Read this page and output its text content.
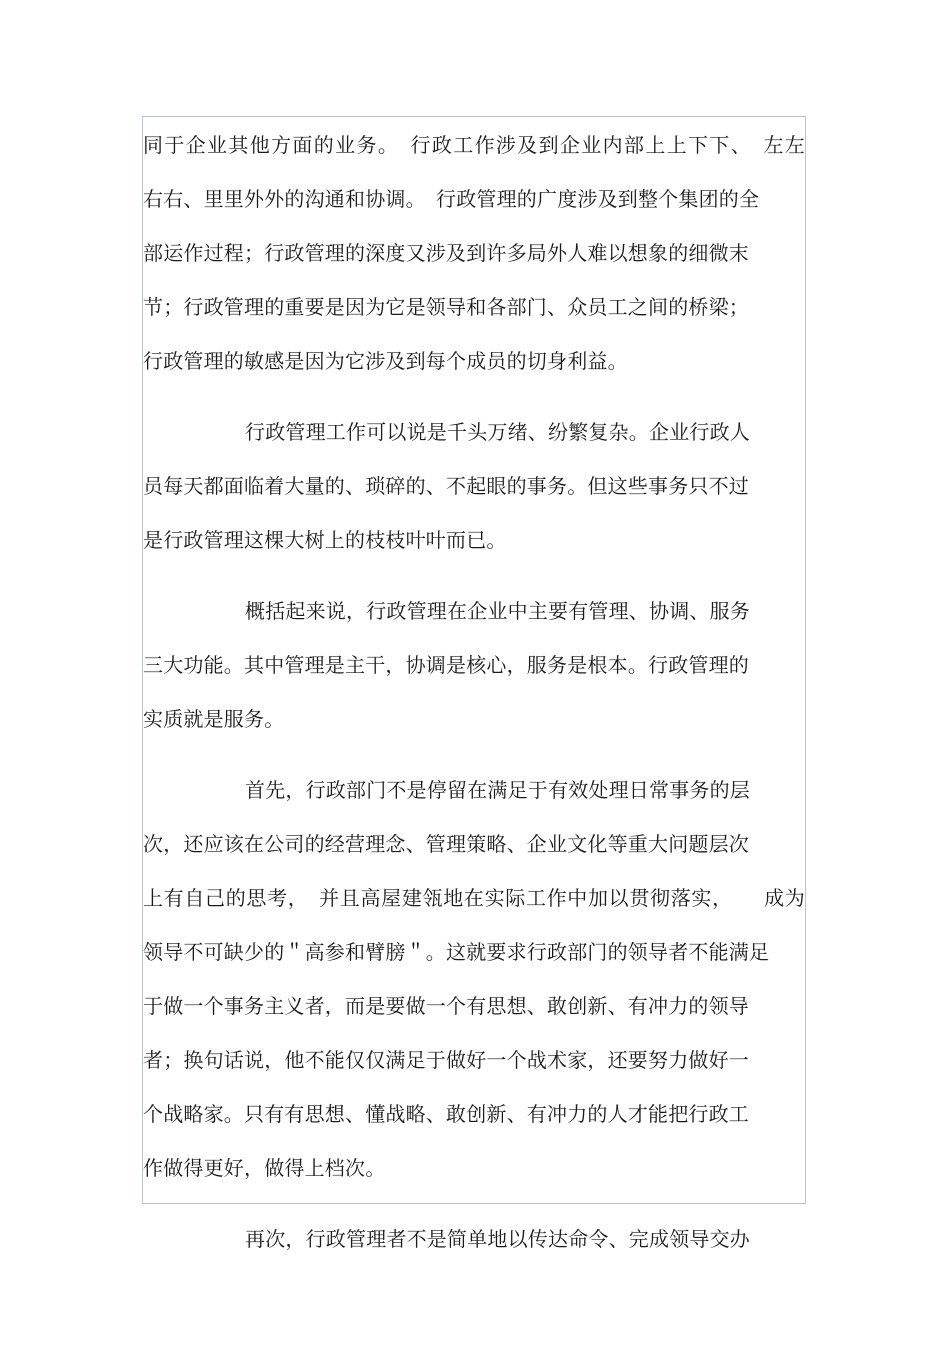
同于企业其他方面的业务。　行政工作涉及到企业内部上上下下、　左左
右右、里里外外的沟通和协调。　行政管理的广度涉及到整个集团的全
部运作过程；行政管理的深度又涉及到许多局外人难以想象的细微末
节；行政管理的重要是因为它是领导和各部门、众员工之间的桥梁；
行政管理的敏感是因为它涉及到每个成员的切身利益。
行政管理工作可以说是千头万绪、纷繁复杂。企业行政人
员每天都面临着大量的、琐碎的、不起眼的事务。但这些事务只不过
是行政管理这棵大树上的枝枝叶叶而已。
概括起来说，行政管理在企业中主要有管理、协调、服务
三大功能。其中管理是主干，协调是核心，服务是根本。行政管理的
实质就是服务。
首先，行政部门不是停留在满足于有效处理日常事务的层
次，还应该在公司的经营理念、管理策略、企业文化等重大问题层次
上有自己的思考，　并且高屋建瓴地在实际工作中加以贯彻落实，　　成为
领导不可缺少的＂高参和臂膀＂。这就要求行政部门的领导者不能满足
于做一个事务主义者，而是要做一个有思想、敢创新、有冲力的领导
者；换句话说，他不能仅仅满足于做好一个战术家，还要努力做好一
个战略家。只有有思想、懂战略、敢创新、有冲力的人才能把行政工
作做得更好，做得上档次。
再次，行政管理者不是简单地以传达命令、完成领导交办
